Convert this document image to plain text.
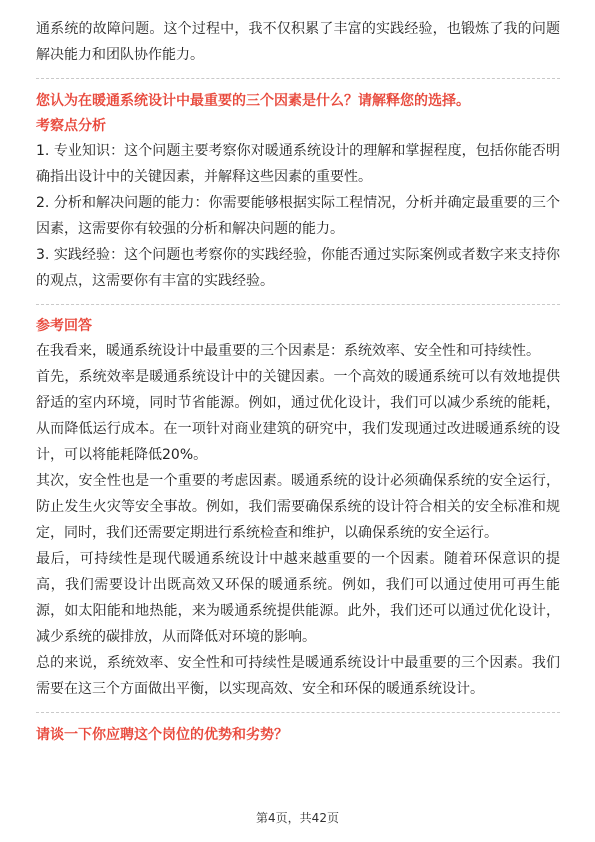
通系统的故障问题。这个过程中，我不仅积累了丰富的实践经验，也锻炼了我的问题解决能力和团队协作能力。

您认为在暖通系统设计中最重要的三个因素是什么？请解释您的选择。

考察点分析

1. 专业知识：这个问题主要考察你对暖通系统设计的理解和掌握程度，包括你能否明确指出设计中的关键因素，并解释这些因素的重要性。

2. 分析和解决问题的能力：你需要能够根据实际工程情况，分析并确定最重要的三个因素，这需要你有较强的分析和解决问题的能力。

3. 实践经验：这个问题也考察你的实践经验，你能否通过实际案例或者数字来支持你的观点，这需要你有丰富的实践经验。

参考回答

在我看来，暖通系统设计中最重要的三个因素是：系统效率、安全性和可持续性。

首先，系统效率是暖通系统设计中的关键因素。一个高效的暖通系统可以有效地提供舒适的室内环境，同时节省能源。例如，通过优化设计，我们可以减少系统的能耗，从而降低运行成本。在一项针对商业建筑的研究中，我们发现通过改进暖通系统的设计，可以将能耗降低20%。

其次，安全性也是一个重要的考虑因素。暖通系统的设计必须确保系统的安全运行，防止发生火灾等安全事故。例如，我们需要确保系统的设计符合相关的安全标准和规定，同时，我们还需要定期进行系统检查和维护，以确保系统的安全运行。

最后，可持续性是现代暖通系统设计中越来越重要的一个因素。随着环保意识的提高，我们需要设计出既高效又环保的暖通系统。例如，我们可以通过使用可再生能源，如太阳能和地热能，来为暖通系统提供能源。此外，我们还可以通过优化设计，减少系统的碳排放，从而降低对环境的影响。

总的来说，系统效率、安全性和可持续性是暖通系统设计中最重要的三个因素。我们需要在这三个方面做出平衡，以实现高效、安全和环保的暖通系统设计。

请谈一下你应聘这个岗位的优势和劣势？

第4页，共42页
